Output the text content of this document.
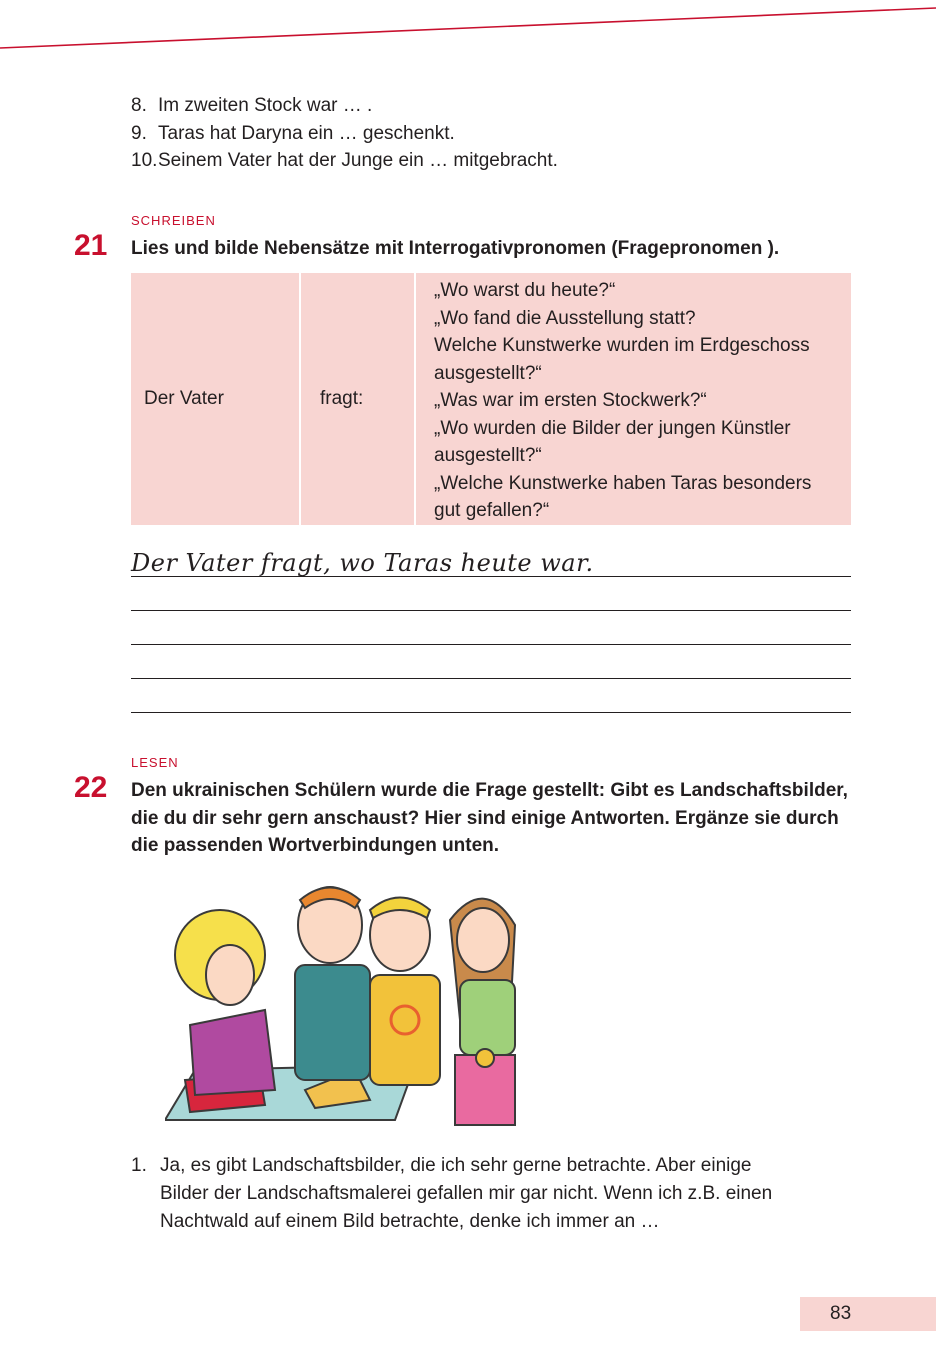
8. Im zweiten Stock war … .
9. Taras hat Daryna ein … geschenkt.
10.Seinem Vater hat der Junge ein … mitgebracht.
SCHREIBEN
21 Lies und bilde Nebensätze mit Interrogativpronomen (Fragepronomen ).
Der Vater	fragt:
„Wo warst du heute?“
„Wo fand die Ausstellung statt?
Welche Kunstwerke wurden im Erdgeschoss
ausgestellt?“
„Was war im ersten Stockwerk?“
„Wo wurden die Bilder der jungen Künstler
ausgestellt?“
„Welche Kunstwerke haben Taras besonders
gut gefallen?“
Der Vater fragt, wo Taras heute war.
LESEN
22 Den ukrainischen Schülern wurde die Frage gestellt: Gibt es Landschaftsbilder,
die du dir sehr gern anschaust? Hier sind einige Antworten. Ergänze sie durch
die passenden Wortverbindungen unten.
1. Ja, es gibt Landschaftsbilder, die ich sehr gerne betrachte. Aber einige
Bilder der Landschaftsmalerei gefallen mir gar nicht. Wenn ich z.B. einen
Nachtwald auf einem Bild betrachte, denke ich immer an …
83
